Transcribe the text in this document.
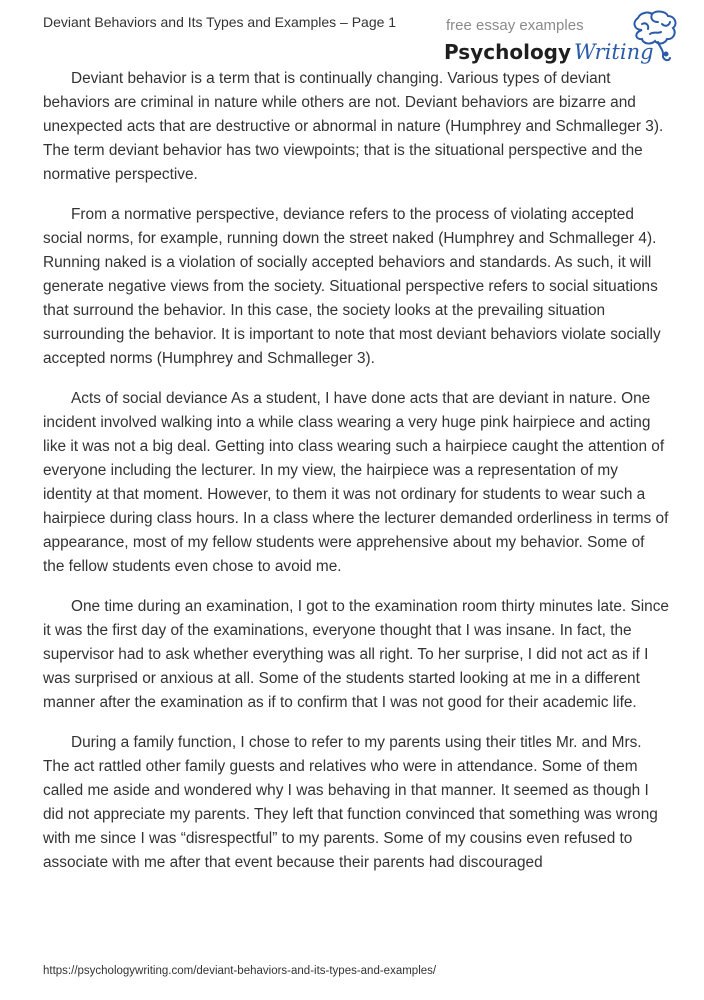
Deviant Behaviors and Its Types and Examples – Page 1	free essay examples
Psychology Writing

Deviant behavior is a term that is continually changing. Various types of deviant behaviors are criminal in nature while others are not. Deviant behaviors are bizarre and unexpected acts that are destructive or abnormal in nature (Humphrey and Schmalleger 3). The term deviant behavior has two viewpoints; that is the situational perspective and the normative perspective.

From a normative perspective, deviance refers to the process of violating accepted social norms, for example, running down the street naked (Humphrey and Schmalleger 4). Running naked is a violation of socially accepted behaviors and standards. As such, it will generate negative views from the society. Situational perspective refers to social situations that surround the behavior. In this case, the society looks at the prevailing situation surrounding the behavior. It is important to note that most deviant behaviors violate socially accepted norms (Humphrey and Schmalleger 3).

Acts of social deviance As a student, I have done acts that are deviant in nature. One incident involved walking into a while class wearing a very huge pink hairpiece and acting like it was not a big deal. Getting into class wearing such a hairpiece caught the attention of everyone including the lecturer. In my view, the hairpiece was a representation of my identity at that moment. However, to them it was not ordinary for students to wear such a hairpiece during class hours. In a class where the lecturer demanded orderliness in terms of appearance, most of my fellow students were apprehensive about my behavior. Some of the fellow students even chose to avoid me.

One time during an examination, I got to the examination room thirty minutes late. Since it was the first day of the examinations, everyone thought that I was insane. In fact, the supervisor had to ask whether everything was all right. To her surprise, I did not act as if I was surprised or anxious at all. Some of the students started looking at me in a different manner after the examination as if to confirm that I was not good for their academic life.

During a family function, I chose to refer to my parents using their titles Mr. and Mrs. The act rattled other family guests and relatives who were in attendance. Some of them called me aside and wondered why I was behaving in that manner. It seemed as though I did not appreciate my parents. They left that function convinced that something was wrong with me since I was “disrespectful” to my parents. Some of my cousins even refused to associate with me after that event because their parents had discouraged

https://psychologywriting.com/deviant-behaviors-and-its-types-and-examples/
